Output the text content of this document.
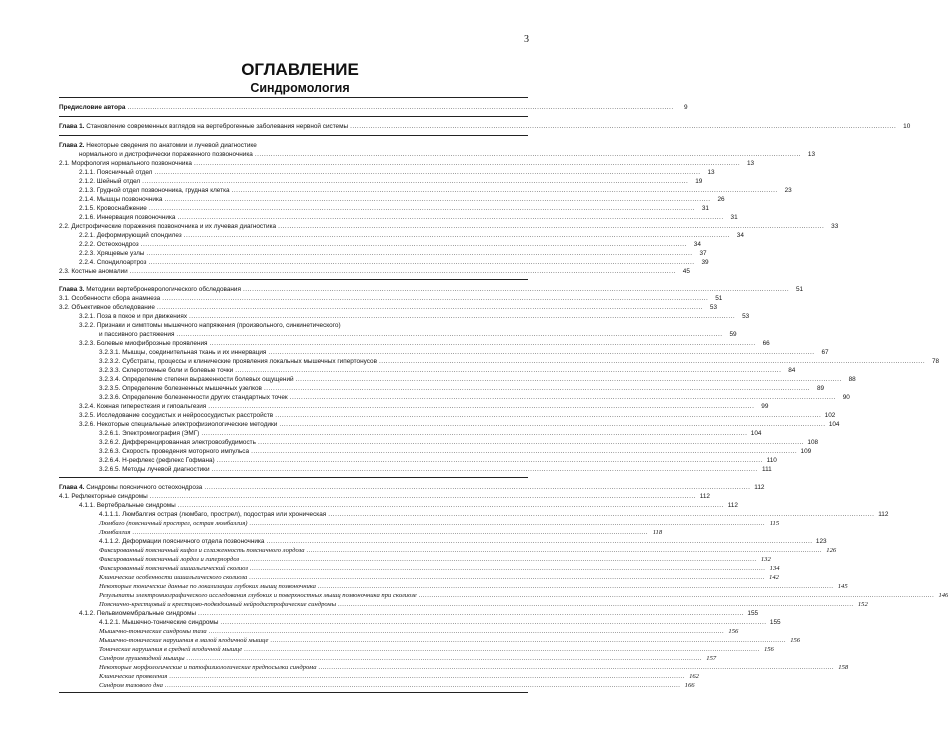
3
ОГЛАВЛЕНИЕ
Синдромология
Предисловие автора .....	9
Глава 1. Становление современных взглядов на вертеброгенные заболевания нервной системы .....	10
Глава 2. Некоторые сведения по анатомии и лучевой диагностике
нормального и дистрофически пораженного позвоночника .....	13
2.1. Морфология нормального позвоночника .....	13
2.1.1. Поясничный отдел .....	13
2.1.2. Шейный отдел .....	19
2.1.3. Грудной отдел позвоночника, грудная клетка .....	23
2.1.4. Мышцы позвоночника .....	26
2.1.5. Кровоснабжение .....	31
2.1.6. Иннервация позвоночника .....	31
2.2. Дистрофические поражения позвоночника и их лучевая диагностика .....	33
2.2.1. Деформирующий спондилез .....	34
2.2.2. Остеохондроз .....	34
2.2.3. Хрящевые узлы .....	37
2.2.4. Спондилоартроз .....	39
2.3. Костные аномалии .....	45
Глава 3. Методики вертебронeврологического обследования .....	51
3.1. Особенности сбора анамнеза .....	51
3.2. Объективное обследование .....	53
3.2.1. Поза в покое и при движениях .....	53
3.2.2. Признаки и симптомы мышечного напряжения (произвольного, синкинетического)
и пассивного растяжения .....	59
3.2.3. Болевые миофиброзные проявления .....	66
3.2.3.1. Мышцы, соединительная ткань и их иннервация .....	67
3.2.3.2. Субстраты, процессы и клинические проявления локальных мышечных гипертонусов .....	78
3.2.3.3. Склеротомные боли и болевые точки .....	84
3.2.3.4. Определение степени выраженности болевых ощущений .....	88
3.2.3.5. Определение болезненных мышечных узелков .....	89
3.2.3.6. Определение болезненности других стандартных точек .....	90
3.2.4. Кожная гиперестезия и гипоальгезия .....	99
3.2.5. Исследование сосудистых и нейрососудистых расстройств .....	102
3.2.6. Некоторые специальные электрофизиологические методики .....	104
3.2.6.1. Электромиография (ЭМГ) .....	104
3.2.6.2. Дифференцированная электровозбудимость .....	108
3.2.6.3. Скорость проведения моторного импульса .....	109
3.2.6.4. Н-рефлекс (рефлекс Гофмана) .....	110
3.2.6.5. Методы лучевой диагностики .....	111
Глава 4. Синдромы поясничного остеохондроза .....	112
4.1. Рефлекторные синдромы .....	112
4.1.1. Вертебральные синдромы .....	112
4.1.1.1. Люмбалгия острая (люмбаго, прострел), подострая или хроническая .....	112
Люмбаго (поясничный прострел, острая люмбалгия) .....	115
Люмбалгия .....	118
4.1.1.2. Деформации поясничного отдела позвоночника .....	123
Фиксированный поясничный кифоз и сглаженность поясничного лордоза .....	126
Фиксированный поясничный лордоз и гиперлордоз .....	132
Фиксированный поясничный ишиальгический сколиоз .....	134
Клинические особенности ишиальгического сколиоза .....	142
Некоторые тонические данные по локализации глубоких мышц позвоночника .....	145
Результаты электромиографического исследования глубоких и поверхностных мышц позвоночника при сколиозе .....	146
Пояснично-крестцовый и крестцово-подвздошный нейродистрофические синдромы .....	152
4.1.2. Пельвиомембральные синдромы .....	155
4.1.2.1. Мышечно-тонические синдромы .....	155
Мышечно-тонические синдромы таза .....	156
Мышечно-тонические нарушения в малой ягодичной мышце .....	156
Тонические нарушения в средней ягодичной мышце .....	156
Синдром грушевидной мышцы .....	157
Некоторые морфологические и патофизиологические предпосылки синдрома .....	158
Клинические проявления .....	162
Синдром тазового дна .....	166
